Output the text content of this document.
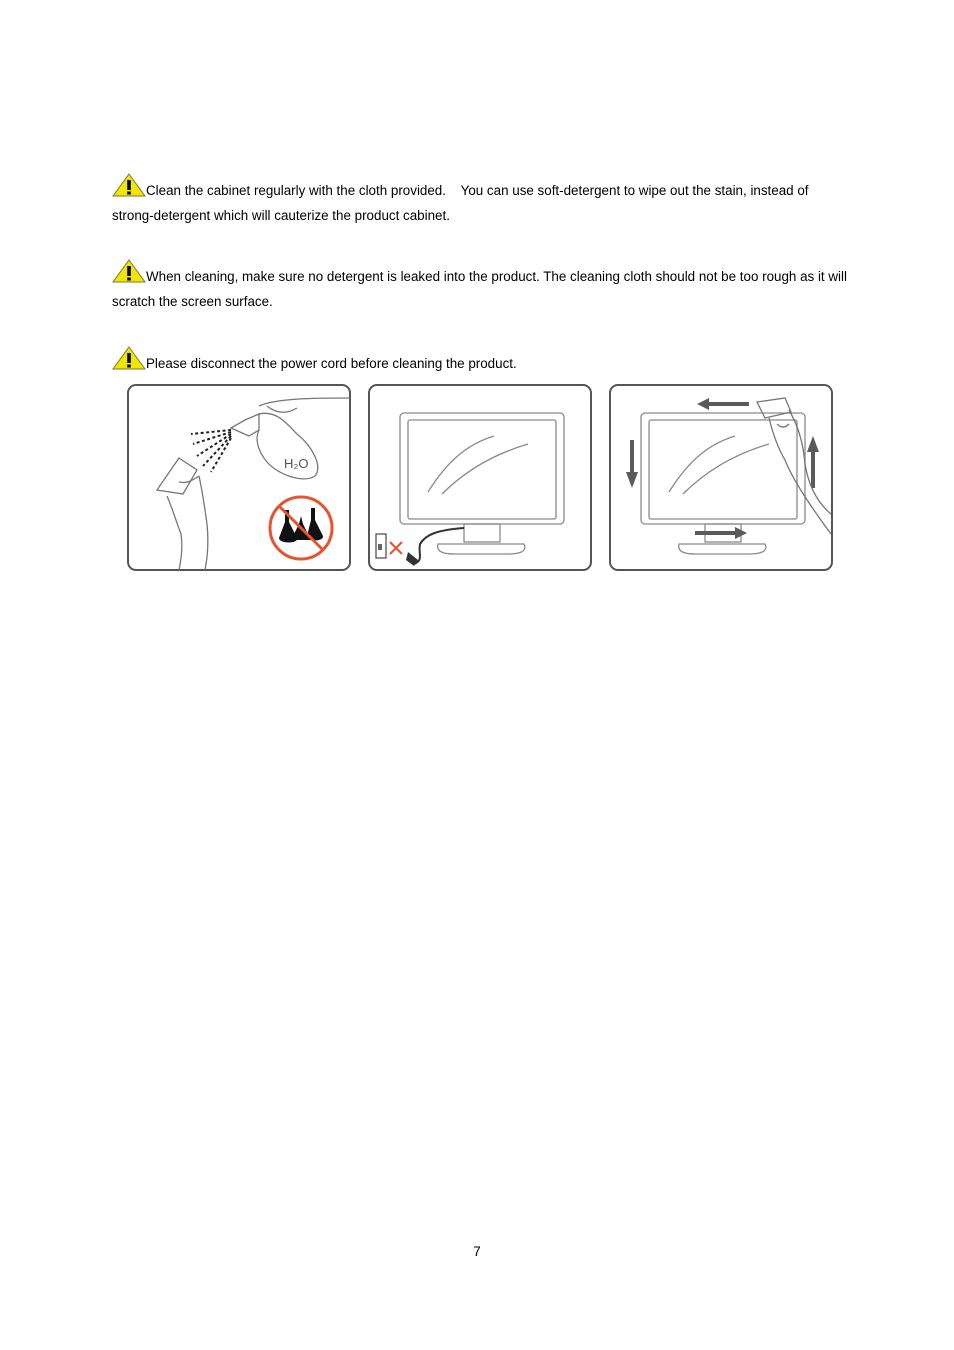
Clean the cabinet regularly with the cloth provided.    You can use soft-detergent to wipe out the stain, instead of strong-detergent which will cauterize the product cabinet.
When cleaning, make sure no detergent is leaked into the product. The cleaning cloth should not be too rough as it will scratch the screen surface.
Please disconnect the power cord before cleaning the product.
H₂O
7
